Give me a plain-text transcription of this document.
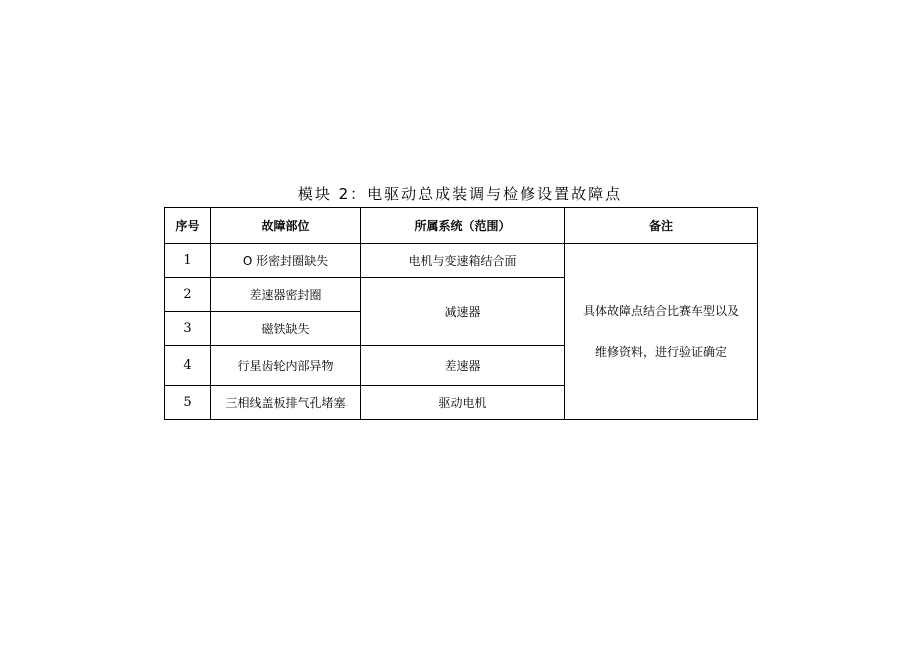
模块 2：电驱动总成装调与检修设置故障点
序号	故障部位	所属系统（范围）	备注
1	O 形密封圈缺失	电机与变速箱结合面	具体故障点结合比赛车型以及
维修资料，进行验证确定

2	差速器密封圈	减速器	
3	磁铁缺失		
4	行星齿轮内部异物	差速器	
5	三相线盖板排气孔堵塞	驱动电机	
